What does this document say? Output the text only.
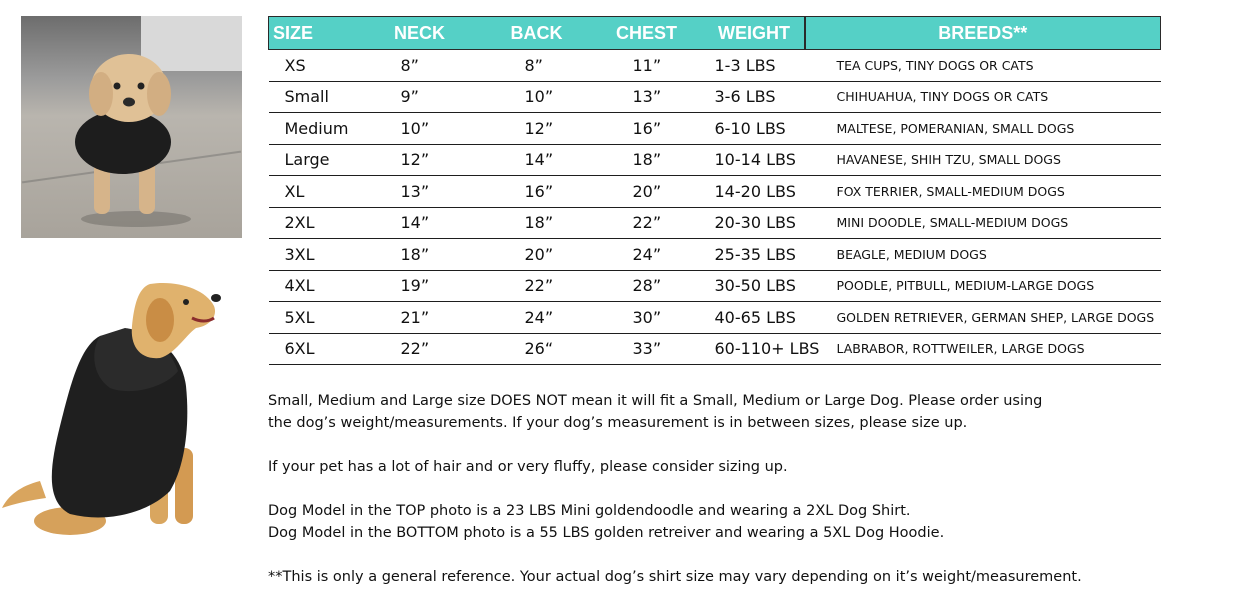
SIZE	NECK	BACK	CHEST	WEIGHT	BREEDS**
XS	8”	8”	11”	1-3 LBS	TEA CUPS, TINY DOGS OR CATS
Small	9”	10”	13”	3-6 LBS	CHIHUAHUA, TINY DOGS OR CATS
Medium	10”	12”	16”	6-10 LBS	MALTESE, POMERANIAN, SMALL DOGS
Large	12”	14”	18”	10-14 LBS	HAVANESE, SHIH TZU, SMALL DOGS
XL	13”	16”	20”	14-20 LBS	FOX TERRIER, SMALL-MEDIUM DOGS
2XL	14”	18”	22”	20-30 LBS	MINI DOODLE, SMALL-MEDIUM DOGS
3XL	18”	20”	24”	25-35 LBS	BEAGLE, MEDIUM DOGS
4XL	19”	22”	28”	30-50 LBS	POODLE, PITBULL, MEDIUM-LARGE DOGS
5XL	21”	24”	30”	40-65 LBS	GOLDEN RETRIEVER, GERMAN SHEP, LARGE DOGS
6XL	22”	26“	33”	60-110+ LBS	LABRABOR, ROTTWEILER, LARGE DOGS

Small, Medium and Large size DOES NOT mean it will fit a Small, Medium or Large Dog. Please order using

the dog’s weight/measurements. If your dog’s measurement is in between sizes, please size up.

If your pet has a lot of hair and or very fluffy, please consider sizing up.

Dog Model in the TOP photo is a 23 LBS Mini goldendoodle and wearing a 2XL Dog Shirt.

Dog Model in the BOTTOM photo is a 55 LBS golden retreiver and wearing a 5XL Dog Hoodie.

**This is only a general reference. Your actual dog’s shirt size may vary depending on it’s weight/measurement.
